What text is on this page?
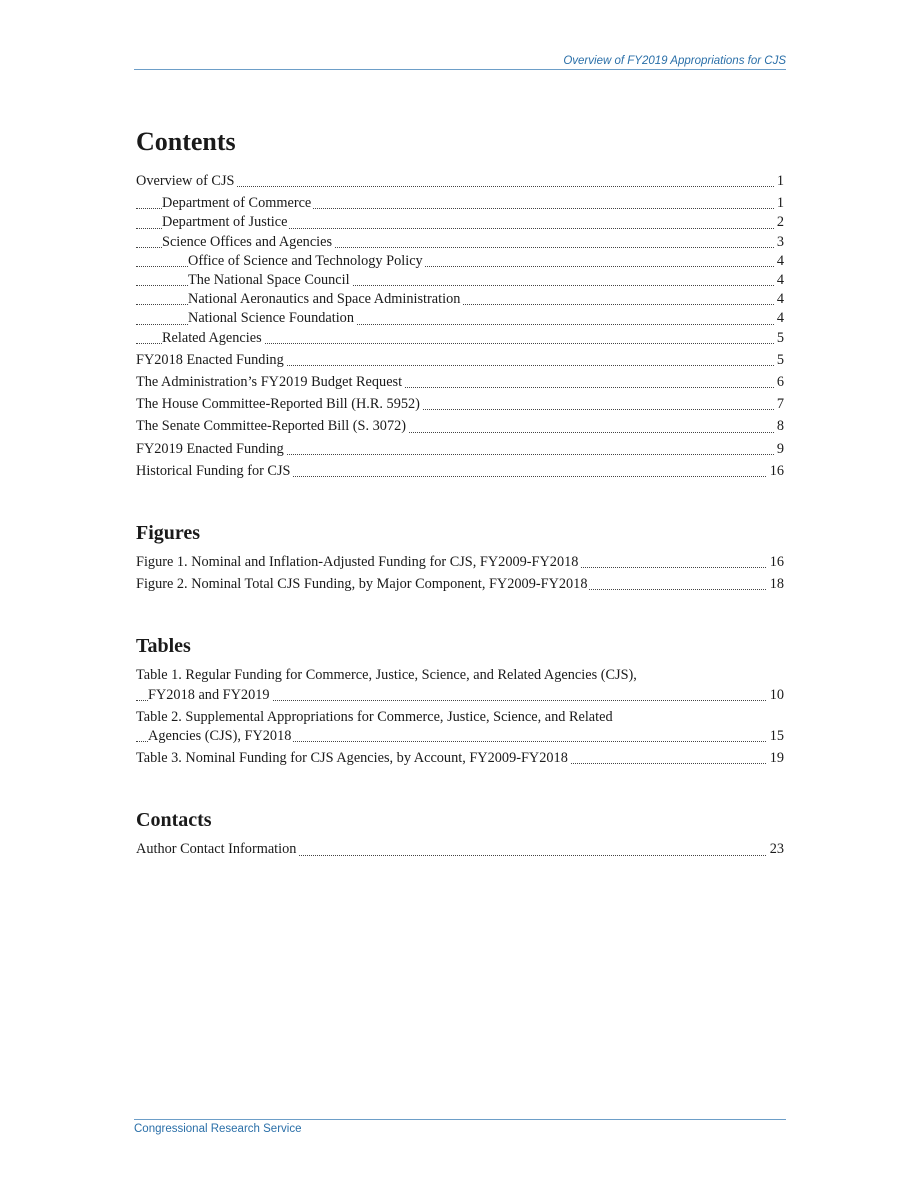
Overview of FY2019 Appropriations for CJS
Contents
Overview of CJS	1
Department of Commerce	1
Department of Justice	2
Science Offices and Agencies	3
Office of Science and Technology Policy	4
The National Space Council	4
National Aeronautics and Space Administration	4
National Science Foundation	4
Related Agencies	5
FY2018 Enacted Funding	5
The Administration’s FY2019 Budget Request	6
The House Committee-Reported Bill (H.R. 5952)	7
The Senate Committee-Reported Bill (S. 3072)	8
FY2019 Enacted Funding	9
Historical Funding for CJS	16
Figures
Figure 1. Nominal and Inflation-Adjusted Funding for CJS, FY2009-FY2018	16
Figure 2. Nominal Total CJS Funding, by Major Component, FY2009-FY2018	18
Tables
Table 1. Regular Funding for Commerce, Justice, Science, and Related Agencies (CJS),
FY2018 and FY2019	10
Table 2. Supplemental Appropriations for Commerce, Justice, Science, and Related
Agencies (CJS), FY2018	15
Table 3. Nominal Funding for CJS Agencies, by Account, FY2009-FY2018	19
Contacts
Author Contact Information	23
Congressional Research Service
